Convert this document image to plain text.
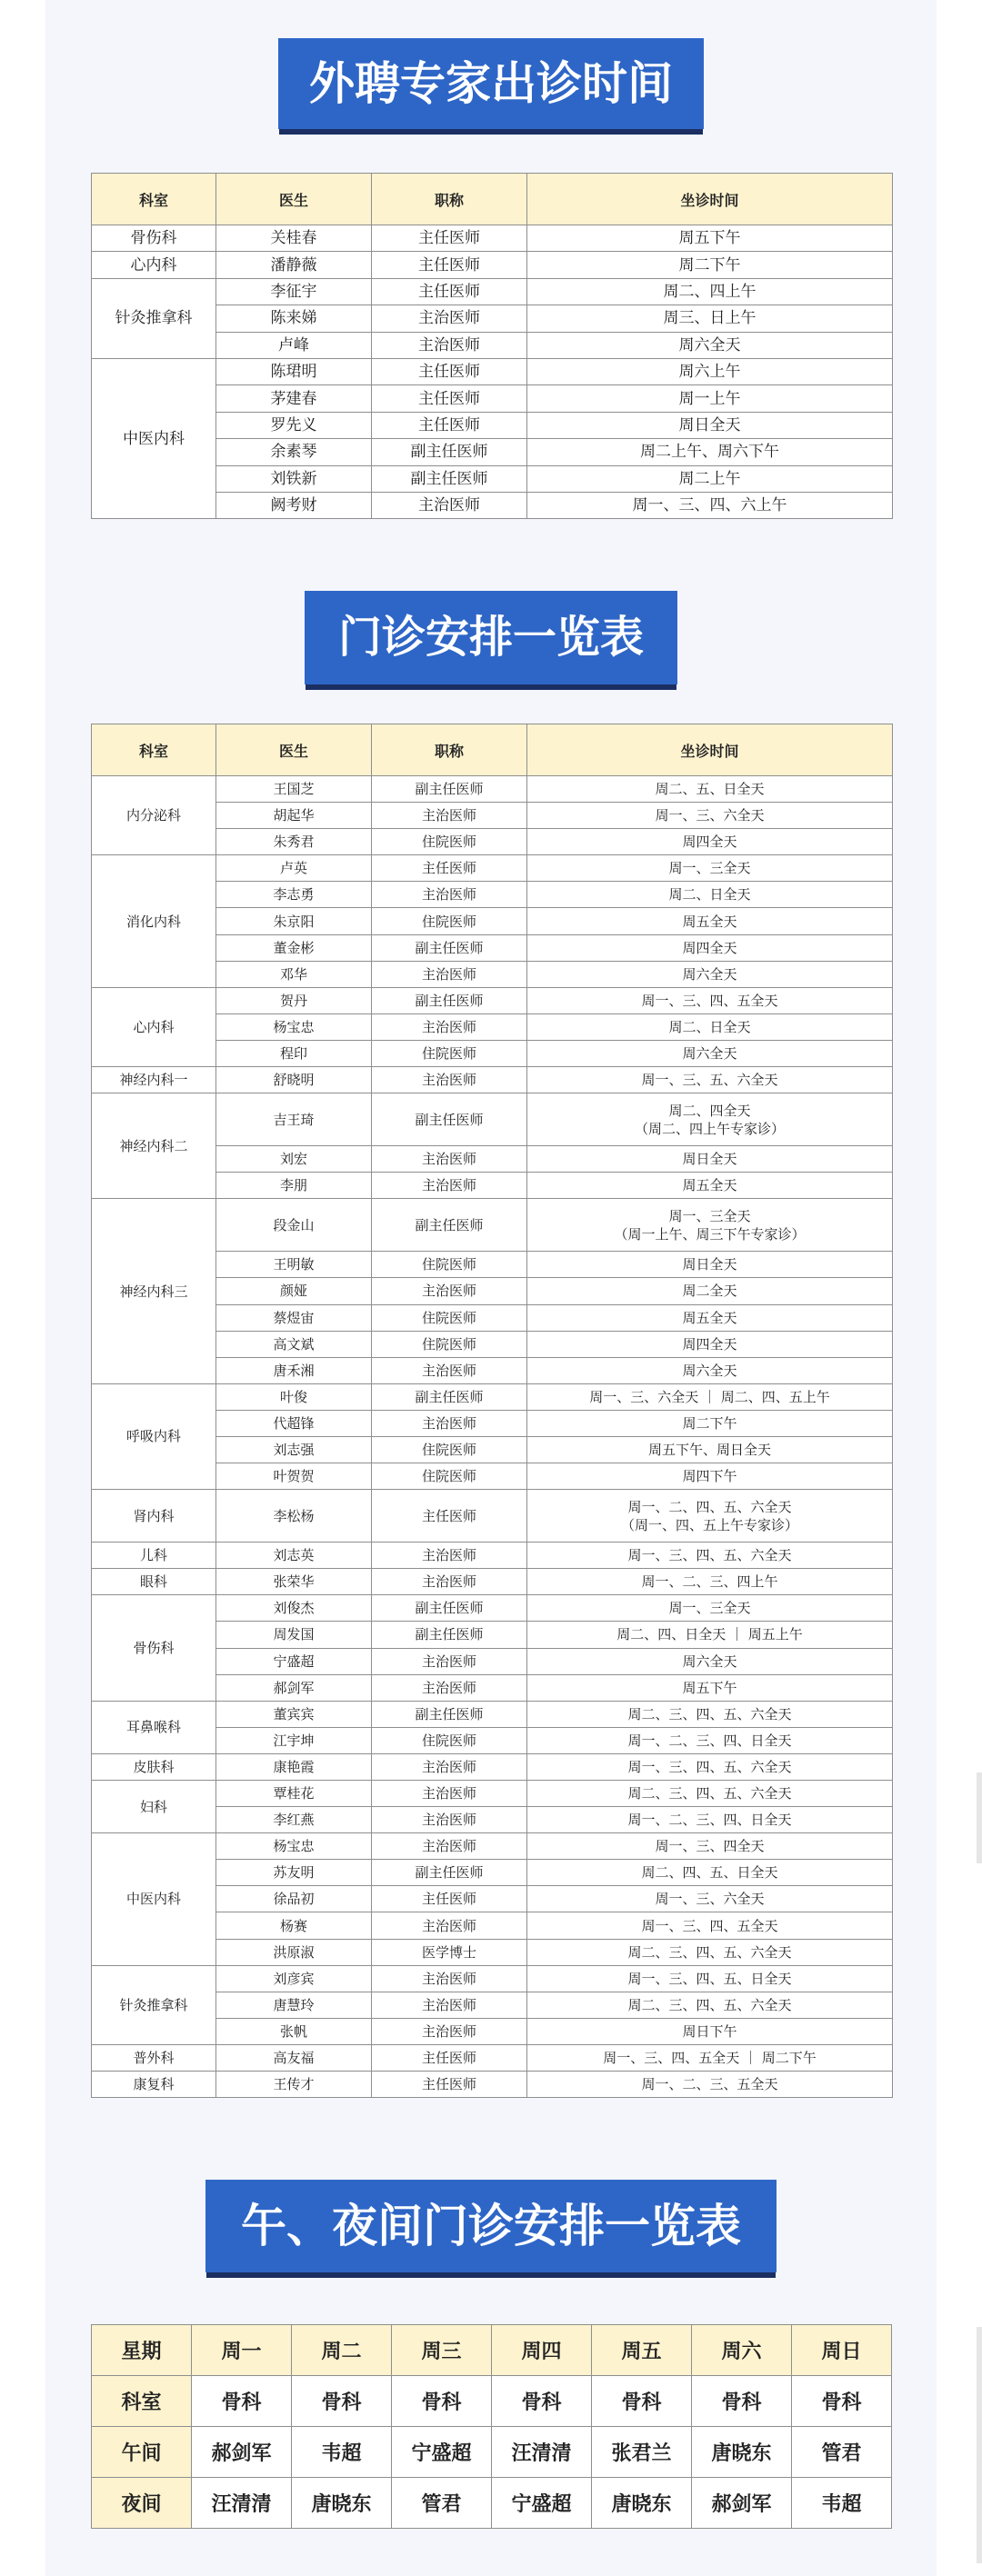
外聘专家出诊时间
科室	医生	职称	坐诊时间
骨伤科	关桂春	主任医师	周五下午

心内科	潘静薇	主任医师	周二下午

针灸推拿科	李征宇	主任医师	周二、四上午

	陈来娣	主治医师	周三、日上午

	卢峰	主治医师	周六全天

中医内科	陈珺明	主任医师	周六上午

	茅建春	主任医师	周一上午

	罗先义	主任医师	周日全天

	余素琴	副主任医师	周二上午、周六下午

	刘铁新	副主任医师	周二上午

	阙考财	主治医师	周一、三、四、六上午
门诊安排一览表
科室	医生	职称	坐诊时间
内分泌科	王国芝	副主任医师	周二、五、日全天

	胡起华	主治医师	周一、三、六全天

	朱秀君	住院医师	周四全天

消化内科	卢英	主任医师	周一、三全天

	李志勇	主治医师	周二、日全天

	朱京阳	住院医师	周五全天

	董金彬	副主任医师	周四全天

	邓华	主治医师	周六全天

心内科	贺丹	副主任医师	周一、三、四、五全天

	杨宝忠	主治医师	周二、日全天

	程印	住院医师	周六全天

神经内科一	舒晓明	主治医师	周一、三、五、六全天

神经内科二	吉王琦	副主任医师	周二、四全天
（周二、四上午专家诊）

	刘宏	主治医师	周日全天

	李朋	主治医师	周五全天

神经内科三	段金山	副主任医师	周一、三全天
（周一上午、周三下午专家诊）

	王明敏	住院医师	周日全天

	颜娅	主治医师	周二全天

	蔡煜宙	住院医师	周五全天

	高文斌	住院医师	周四全天

	唐禾湘	主治医师	周六全天

呼吸内科	叶俊	副主任医师	周一、三、六全天 ｜ 周二、四、五上午

	代超锋	主治医师	周二下午

	刘志强	住院医师	周五下午、周日全天

	叶贺贺	住院医师	周四下午

肾内科	李松杨	主任医师	周一、二、四、五、六全天
（周一、四、五上午专家诊）

儿科	刘志英	主治医师	周一、三、四、五、六全天

眼科	张荣华	主治医师	周一、二、三、四上午

骨伤科	刘俊杰	副主任医师	周一、三全天

	周发国	副主任医师	周二、四、日全天 ｜ 周五上午

	宁盛超	主治医师	周六全天

	郝剑军	主治医师	周五下午

耳鼻喉科	董宾宾	副主任医师	周二、三、四、五、六全天

	江宇坤	住院医师	周一、二、三、四、日全天

皮肤科	康艳霞	主治医师	周一、三、四、五、六全天

妇科	覃桂花	主治医师	周二、三、四、五、六全天

	李红燕	主治医师	周一、二、三、四、日全天

中医内科	杨宝忠	主治医师	周一、三、四全天

	苏友明	副主任医师	周二、四、五、日全天

	徐品初	主任医师	周一、三、六全天

	杨赛	主治医师	周一、三、四、五全天

	洪原淑	医学博士	周二、三、四、五、六全天

针灸推拿科	刘彦宾	主治医师	周一、三、四、五、日全天

	唐慧玲	主治医师	周二、三、四、五、六全天

	张帆	主治医师	周日下午

普外科	高友福	主任医师	周一、三、四、五全天 ｜ 周二下午

康复科	王传才	主任医师	周一、二、三、五全天
午、夜间门诊安排一览表
星期	周一	周二	周三	周四	周五	周六	周日
科室	骨科	骨科	骨科	骨科	骨科	骨科	骨科
午间	郝剑军	韦超	宁盛超	汪清清	张君兰	唐晓东	管君
夜间	汪清清	唐晓东	管君	宁盛超	唐晓东	郝剑军	韦超
